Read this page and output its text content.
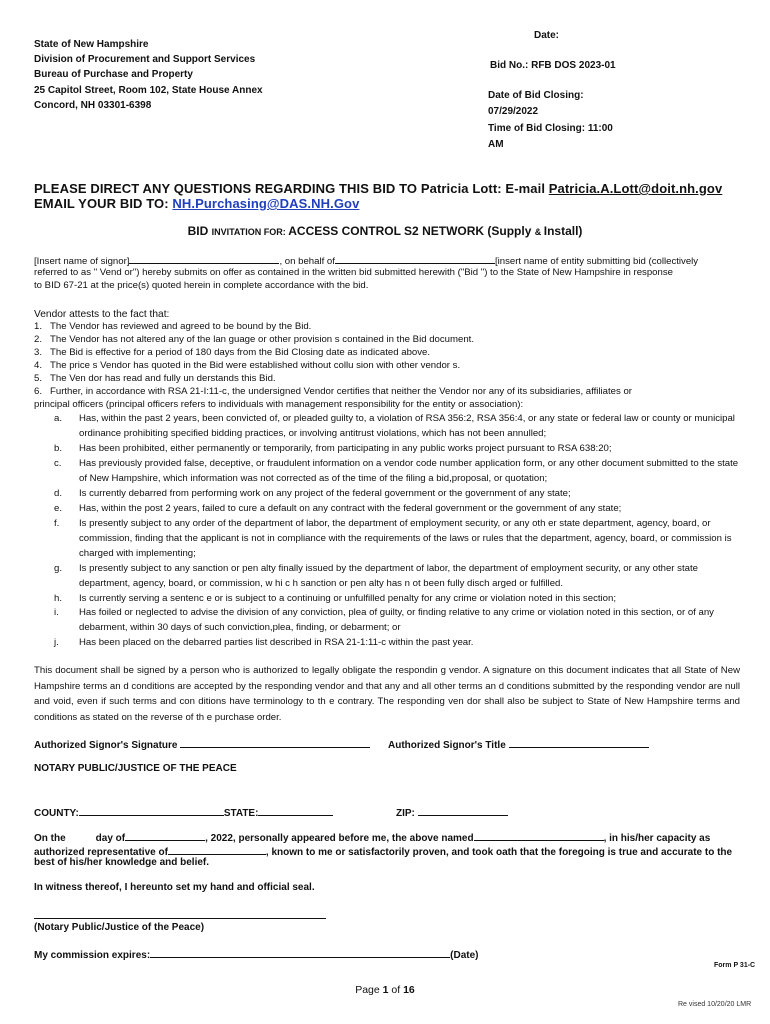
State of New Hampshire
Division of Procurement and Support Services
Bureau of Purchase and Property
25 Capitol Street, Room 102, State House Annex
Concord, NH 03301-6398
Date:
Bid No.: RFB DOS 2023-01
Date of Bid Closing:
07/29/2022
Time of Bid Closing: 11:00
AM
PLEASE DIRECT ANY QUESTIONS REGARDING THIS BID TO Patricia Lott: E-mail Patricia.A.Lott@doit.nh.gov
EMAIL YOUR BID TO: NH.Purchasing@DAS.NH.Gov
BID INVITATION FOR: ACCESS CONTROL S2 NETWORK (Supply & Install)
[Insert name of signor]	, on behalf of	[insert name of entity submitting bid (collectively
referred to as " Vend or") hereby submits on offer as contained in the written bid submitted herewith ("Bid ") to the State of New Hampshire in response
to BID 67-21 at the price(s) quoted herein in complete accordance with the bid.
Vendor attests to the fact that:
1. The Vendor has reviewed and agreed to be bound by the Bid.
2. The Vendor has not altered any of the lan guage or other provision s contained in the Bid document.
3. The Bid is effective for a period of 180 days from the Bid Closing date as indicated above.
4. The price s Vendor has quoted in the Bid were established without collu sion with other vendor s.
5. The Ven dor has read and fully un derstands this Bid.
6. Further, in accordance with RSA 21-I:11-c, the undersigned Vendor certifies that neither the Vendor nor any of its subsidiaries, affiliates or
principal officers (principal officers refers to individuals with management responsibility for the entity or association):
a.	Has, within the past 2 years, been convicted of, or pleaded guilty to, a violation of RSA 356:2, RSA 356:4, or any state or federal law or county or municipal ordinance prohibiting specified bidding practices, or involving antitrust violations, which has not been annulled;
b.	Has been prohibited, either permanently or temporarily, from participating in any public works project pursuant to RSA 638:20;
c.	Has previously provided false, deceptive, or fraudulent information on a vendor code number application form, or any other document submitted to the state of New Hampshire, which information was not corrected as of the time of the filing a bid,proposal, or quotation;
d.	Is currently debarred from performing work on any project of the federal government or the government of any state;
e.	Has, within the post 2 years, failed to cure a default on any contract with the federal government or the government of any state;
f.	Is presently subject to any order of the department of labor, the department of employment security, or any oth er state department, agency, board, or commission, finding that the applicant is not in compliance with the requirements of the laws or rules that the department, agency, board, or commission is charged with implementing;
g.	Is presently subject to any sanction or pen alty finally issued by the department of labor, the department of employment security, or any other state department, agency, board, or commission, w hi c h sanction or pen alty has n ot been fully disch arged or fulfilled.
h.	Is currently serving a sentenc e or is subject to a continuing or unfulfilled penalty for any crime or violation noted in this section;
i.	Has foiled or neglected to advise the division of any conviction, plea of guilty, or finding relative to any crime or violation noted in this section, or of any debarment, within 30 days of such conviction,plea, finding, or debarment; or
j.	Has been placed on the debarred parties list described in RSA 21-1:11-c within the past year.
This document shall be signed by a person who is authorized to legally obligate the respondin g vendor. A signature on this document indicates that all State of New Hampshire terms an d conditions are accepted by the responding vendor and that any and all other terms an d conditions submitted by the responding vendor are null and void, even if such terms and con ditions have terminology to th e contrary. The responding ven dor shall also be subject to State of New Hampshire terms and conditions as stated on the reverse of th e purchase order.
Authorized Signor's Signature	Authorized Signor's Title
NOTARY PUBLIC/JUSTICE OF THE PEACE
COUNTY:	STATE:	ZIP:
On the	day of	, 2022, personally appeared before me, the above named	, in his/her capacity as
authorized representative of	, known to me or satisfactorily proven, and took oath that the foregoing is true and accurate to the
best of his/her knowledge and belief.
In witness thereof, I hereunto set my hand and official seal.
(Notary Public/Justice of the Peace)
My commission expires:	(Date)
Form P 31-C
Page 1 of 16
Re vised 10/20/20 LMR
